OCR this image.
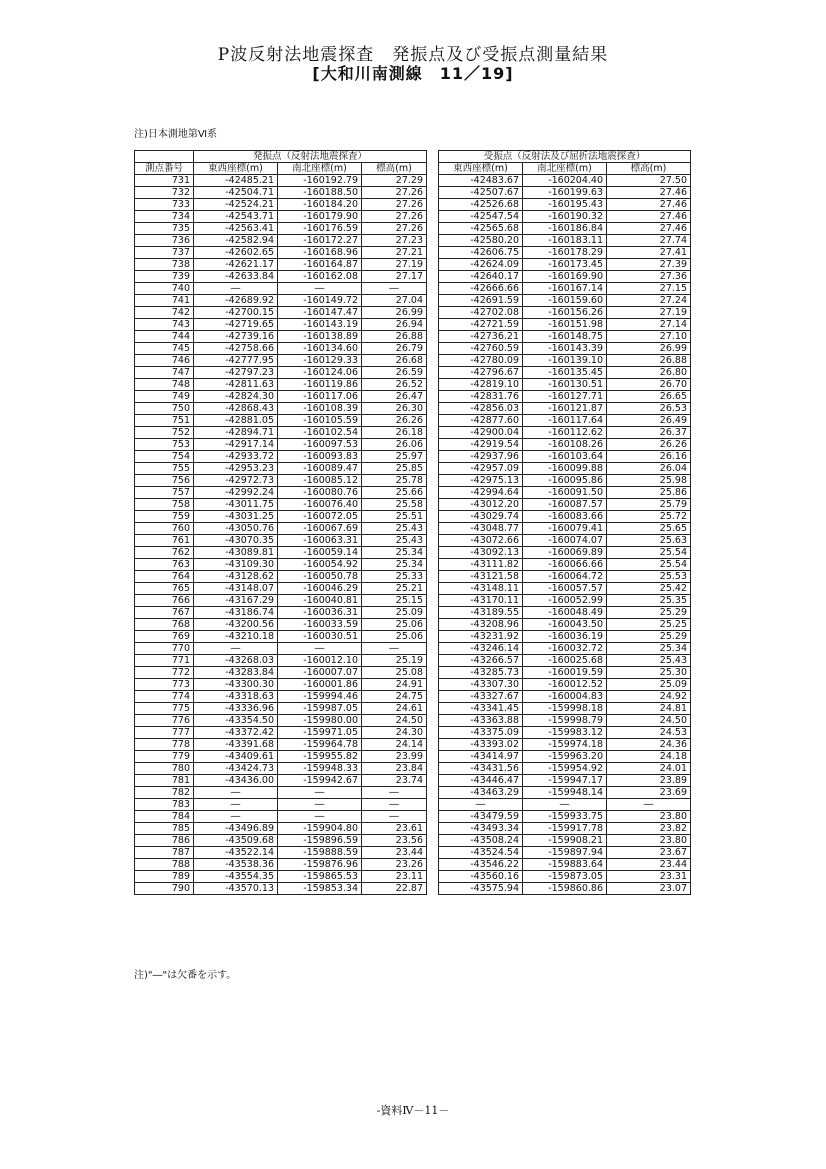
P波反射法地震探査　発振点及び受振点測量結果
[大和川南測線　11／19]
注)日本測地第Ⅵ系
	発振点（反射法地震探査）				受振点（反射法及び屈折法地震探査）		
測点番号	東西座標(m)	南北座標(m)	標高(m)		東西座標(m)	南北座標(m)	標高(m)
731	-42485.21	-160192.79	27.29		-42483.67	-160204.40	27.50
732	-42504.71	-160188.50	27.26		-42507.67	-160199.63	27.46
733	-42524.21	-160184.20	27.26		-42526.68	-160195.43	27.46
734	-42543.71	-160179.90	27.26		-42547.54	-160190.32	27.46
735	-42563.41	-160176.59	27.26		-42565.68	-160186.84	27.46
736	-42582.94	-160172.27	27.23		-42580.20	-160183.11	27.74
737	-42602.65	-160168.96	27.21		-42606.75	-160178.29	27.41
738	-42621.17	-160164.87	27.19		-42624.09	-160173.45	27.39
739	-42633.84	-160162.08	27.17		-42640.17	-160169.90	27.36
740	―	―	―		-42666.66	-160167.14	27.15
741	-42689.92	-160149.72	27.04		-42691.59	-160159.60	27.24
742	-42700.15	-160147.47	26.99		-42702.08	-160156.26	27.19
743	-42719.65	-160143.19	26.94		-42721.59	-160151.98	27.14
744	-42739.16	-160138.89	26.88		-42736.21	-160148.75	27.10
745	-42758.66	-160134.60	26.79		-42760.59	-160143.39	26.99
746	-42777.95	-160129.33	26.68		-42780.09	-160139.10	26.88
747	-42797.23	-160124.06	26.59		-42796.67	-160135.45	26.80
748	-42811.63	-160119.86	26.52		-42819.10	-160130.51	26.70
749	-42824.30	-160117.06	26.47		-42831.76	-160127.71	26.65
750	-42868.43	-160108.39	26.30		-42856.03	-160121.87	26.53
751	-42881.05	-160105.59	26.26		-42877.60	-160117.64	26.49
752	-42894.71	-160102.54	26.18		-42900.04	-160112.62	26.37
753	-42917.14	-160097.53	26.06		-42919.54	-160108.26	26.26
754	-42933.72	-160093.83	25.97		-42937.96	-160103.64	26.16
755	-42953.23	-160089.47	25.85		-42957.09	-160099.88	26.04
756	-42972.73	-160085.12	25.78		-42975.13	-160095.86	25.98
757	-42992.24	-160080.76	25.66		-42994.64	-160091.50	25.86
758	-43011.75	-160076.40	25.58		-43012.20	-160087.57	25.79
759	-43031.25	-160072.05	25.51		-43029.74	-160083.66	25.72
760	-43050.76	-160067.69	25.43		-43048.77	-160079.41	25.65
761	-43070.35	-160063.31	25.43		-43072.66	-160074.07	25.63
762	-43089.81	-160059.14	25.34		-43092.13	-160069.89	25.54
763	-43109.30	-160054.92	25.34		-43111.82	-160066.66	25.54
764	-43128.62	-160050.78	25.33		-43121.58	-160064.72	25.53
765	-43148.07	-160046.29	25.21		-43148.11	-160057.57	25.42
766	-43167.29	-160040.81	25.15		-43170.11	-160052.99	25.35
767	-43186.74	-160036.31	25.09		-43189.55	-160048.49	25.29
768	-43200.56	-160033.59	25.06		-43208.96	-160043.50	25.25
769	-43210.18	-160030.51	25.06		-43231.92	-160036.19	25.29
770	―	―	―		-43246.14	-160032.72	25.34
771	-43268.03	-160012.10	25.19		-43266.57	-160025.68	25.43
772	-43283.84	-160007.07	25.08		-43285.73	-160019.59	25.30
773	-43300.30	-160001.86	24.91		-43307.30	-160012.52	25.09
774	-43318.63	-159994.46	24.75		-43327.67	-160004.83	24.92
775	-43336.96	-159987.05	24.61		-43341.45	-159998.18	24.81
776	-43354.50	-159980.00	24.50		-43363.88	-159998.79	24.50
777	-43372.42	-159971.05	24.30		-43375.09	-159983.12	24.53
778	-43391.68	-159964.78	24.14		-43393.02	-159974.18	24.36
779	-43409.61	-159955.82	23.99		-43414.97	-159963.20	24.18
780	-43424.73	-159948.33	23.84		-43431.56	-159954.92	24.01
781	-43436.00	-159942.67	23.74		-43446.47	-159947.17	23.89
782	―	―	―		-43463.29	-159948.14	23.69
783	―	―	―		―	―	―
784	―	―	―		-43479.59	-159933.75	23.80
785	-43496.89	-159904.80	23.61		-43493.34	-159917.78	23.82
786	-43509.68	-159896.59	23.56		-43508.24	-159908.21	23.80
787	-43522.14	-159888.59	23.44		-43524.54	-159897.94	23.67
788	-43538.36	-159876.96	23.26		-43546.22	-159883.64	23.44
789	-43554.35	-159865.53	23.11		-43560.16	-159873.05	23.31
790	-43570.13	-159853.34	22.87		-43575.94	-159860.86	23.07
注)"―"は欠番を示す。
-資料Ⅳ－11－
